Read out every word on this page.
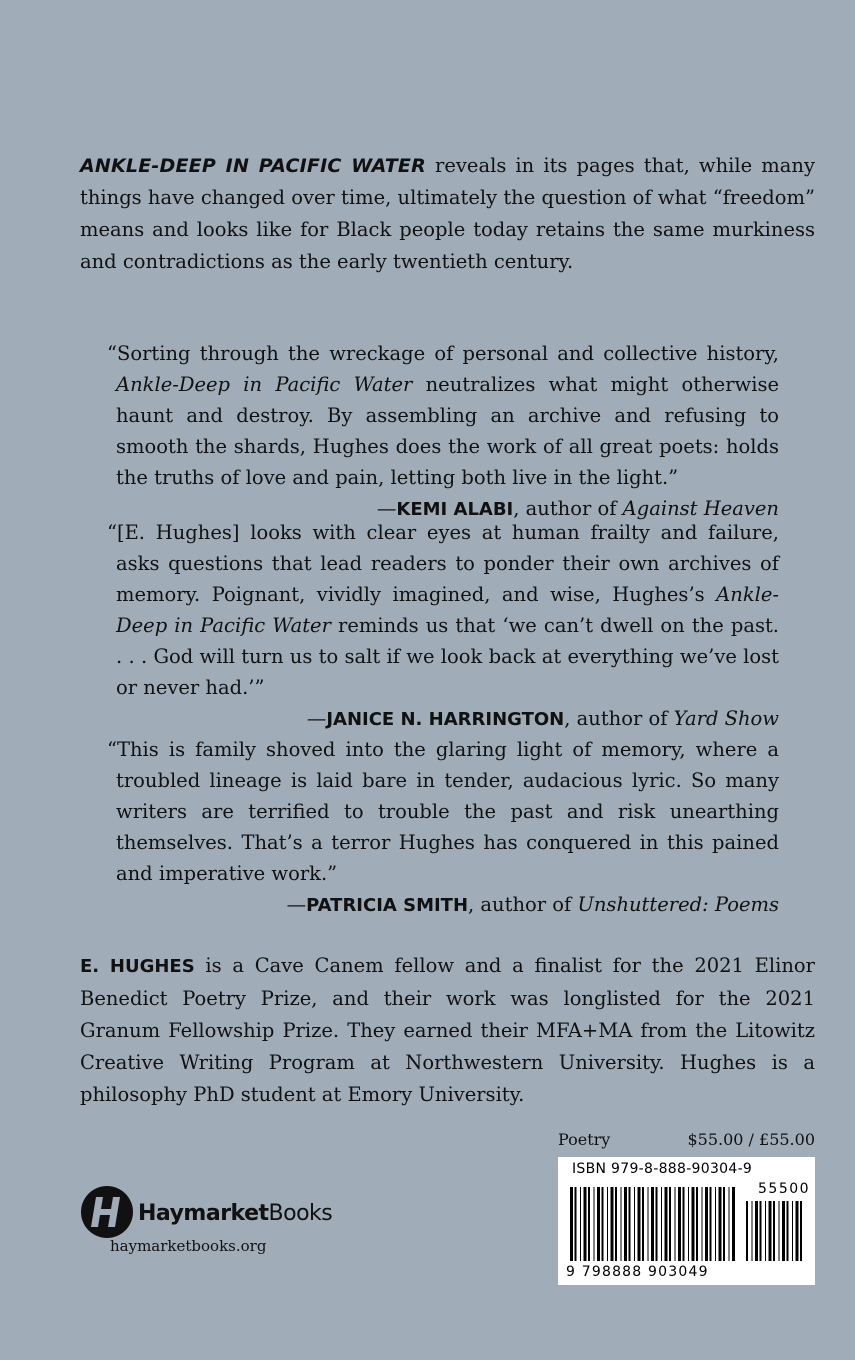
ANKLE-DEEP IN PACIFIC WATER reveals in its pages that, while many things have changed over time, ultimately the question of what “freedom” means and looks like for Black people today retains the same murkiness and contradictions as the early twentieth century.

“Sorting through the wreckage of personal and collective history, Ankle-Deep in Pacific Water neutralizes what might otherwise haunt and destroy. By assembling an archive and refusing to smooth the shards, Hughes does the work of all great poets: holds the truths of love and pain, letting both live in the light.”

—KEMI ALABI, author of Against Heaven

“[E. Hughes] looks with clear eyes at human frailty and failure, asks questions that lead readers to ponder their own archives of memory. Poignant, vividly imagined, and wise, Hughes’s Ankle-Deep in Pacific Water reminds us that ‘we can’t dwell on the past. . . . God will turn us to salt if we look back at everything we’ve lost or never had.’”

—JANICE N. HARRINGTON, author of Yard Show

“This is family shoved into the glaring light of memory, where a troubled lineage is laid bare in tender, audacious lyric. So many writers are terrified to trouble the past and risk unearthing themselves. That’s a terror Hughes has conquered in this pained and imperative work.”

—PATRICIA SMITH, author of Unshuttered: Poems

E. HUGHES is a Cave Canem fellow and a finalist for the 2021 Elinor Benedict Poetry Prize, and their work was longlisted for the 2021 Granum Fellowship Prize. They earned their MFA+MA from the Litowitz Creative Writing Program at Northwestern University. Hughes is a philosophy PhD student at Emory University.

Poetry	$55.00 / £55.00
ISBN 979-8-888-90304-9
55500
9 798888 903049
HaymarketBooks
haymarketbooks.org
